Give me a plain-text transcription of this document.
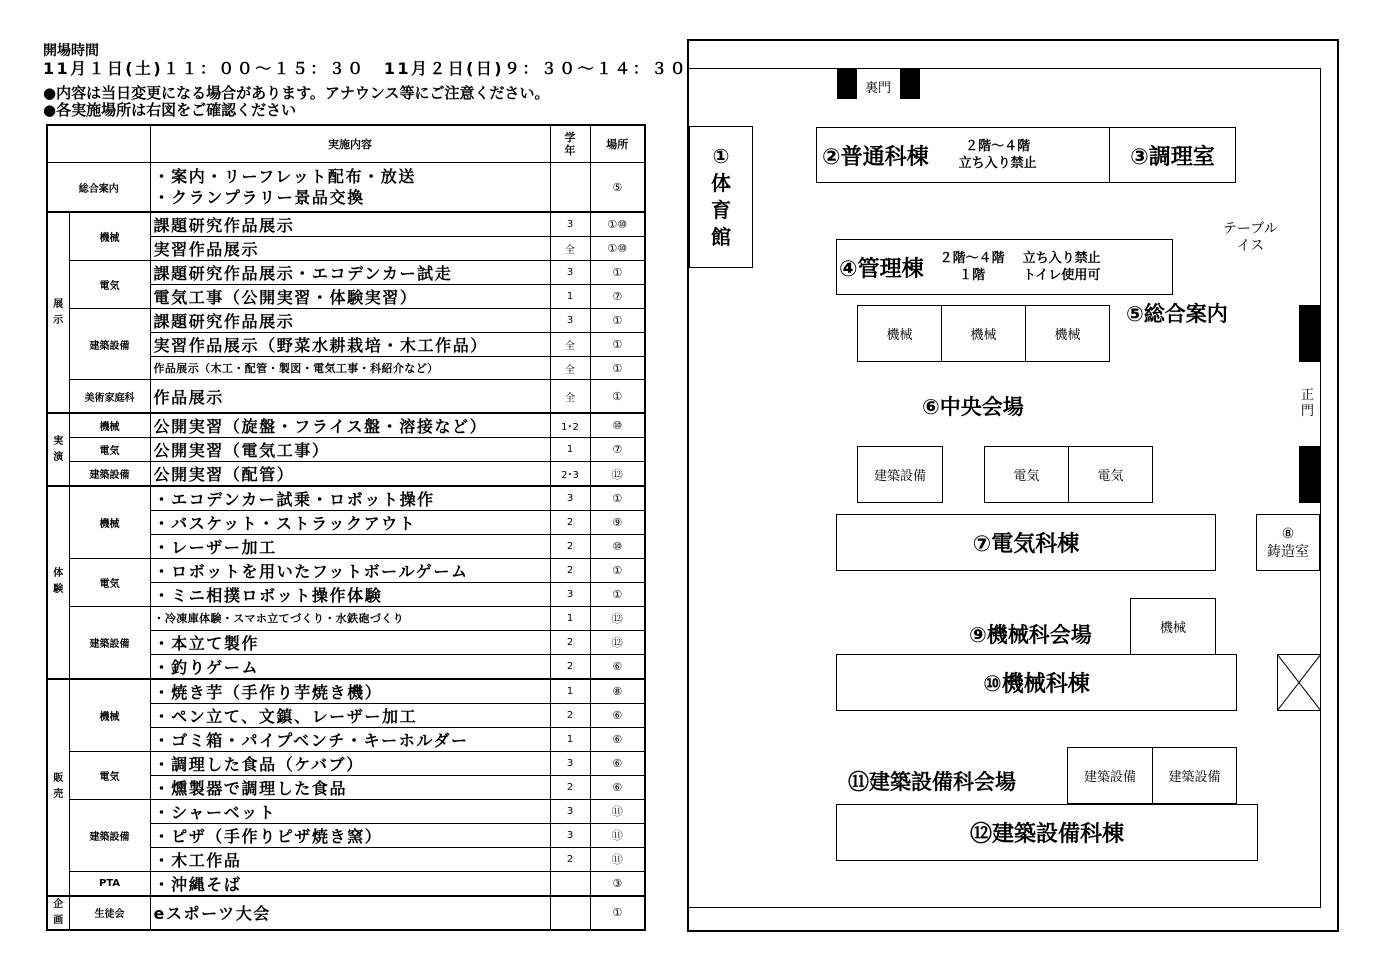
開場時間
11月１日(土)１１：００〜１５：３０　11月２日(日)９：３０〜１４：３０
●内容は当日変更になる場合があります。アナウンス等にご注意ください。
●各実施場所は右図をご確認ください
		実施内容	学
年	場所
総合案内		・案内・リーフレット配布・放送
・クランプラリー景品交換		⑤
展
示	機械	課題研究作品展示	3	①⑩
		実習作品展示	全	①⑩
	電気	課題研究作品展示・エコデンカー試走	3	①
		電気工事（公開実習・体験実習）	1	⑦
	建築設備	課題研究作品展示	3	①
		実習作品展示（野菜水耕栽培・木工作品）	全	①
		作品展示（木工・配管・製図・電気工事・科紹介など）	全	①
	美術家庭科	作品展示	全	①
実
演	機械	公開実習（旋盤・フライス盤・溶接など）	1･2	⑩
	電気	公開実習（電気工事）	1	⑦
	建築設備	公開実習（配管）	2･3	⑫
体
験	機械	・エコデンカー試乗・ロボット操作	3	①
		・バスケット・ストラックアウト	2	⑨
		・レーザー加工	2	⑩
	電気	・ロボットを用いたフットボールゲーム	2	①
		・ミニ相撲ロボット操作体験	3	①
	建築設備	・冷凍庫体験・スマホ立てづくり・水鉄砲づくり	1	⑫
		・本立て製作	2	⑫
		・釣りゲーム	2	⑥
販
売	機械	・焼き芋（手作り芋焼き機）	1	⑧
		・ペン立て、文鎮、レーザー加工	2	⑥
		・ゴミ箱・パイプベンチ・キーホルダー	1	⑥
	電気	・調理した食品（ケバブ）	3	⑥
		・燻製器で調理した食品	2	⑥
	建築設備	・シャーベット	3	⑪
		・ピザ（手作りピザ焼き窯）	3	⑪
		・木工作品	2	⑪
	PTA	・沖縄そば		③
企
画	生徒会	eスポーツ大会		①
裏門
①
体
育
館
②普通科棟	２階〜４階
立ち入り禁止	③調理室
テーブル
イス
④管理棟 ２階〜４階
１階
立ち入り禁止
トイレ使用可
⑤総合案内
機械	機械	機械
正
門
⑥中央会場
建築設備	電気	電気
⑦電気科棟	⑧
鋳造室
機械
⑨機械科会場
⑩機械科棟
建築設備	建築設備
⑪建築設備科会場
⑫建築設備科棟
